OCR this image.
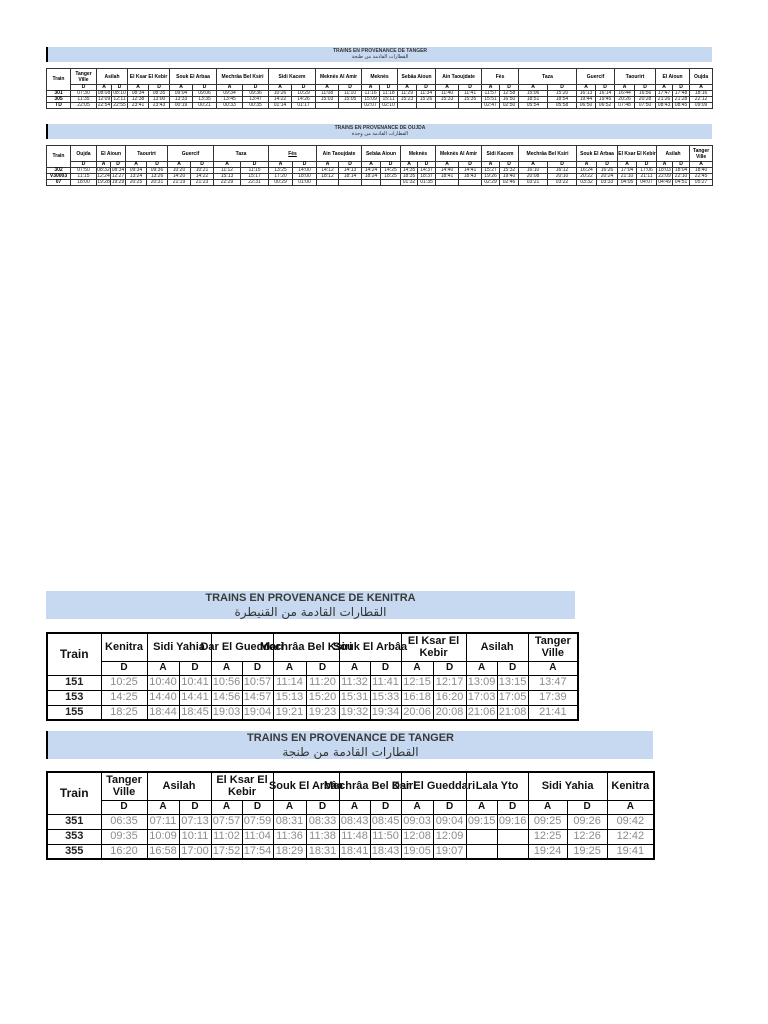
TRAINS EN PROVENANCE DE TANGER
القطارات القادمة من طنجة
Train	Tanger Ville	Asilah		El Ksar El Kebir		Souk El Arbaa		Mechrâa Bel Ksiri		Sidi Kacem		Meknès Al Amir		Meknès		Sebâa Aioun		Ain Taoujdate		Fès		Taza		Guercif		Taourirt		El Aioun		Oujda

	D	A	D	A	D	A	D	A	D	A	D	A	D	A	D	A	D	A	D	A	D	A	D	A	D	A	D	A	D	A
301	07:30	08:08	08:10	08:34	08:35	09:04	09:06	09:34	09:36	10:26	10:29	11:08	11:10	11:16	11:18	11:29	11:34	11:40	11:41	11:57	12:58	15:06	15:20	16:13	16:14	16:44	16:56	17:47	17:48	18:16
305	11:35	12:09	12:11	12:38	13:00	13:33	13:35	13:45	13:47	14:22	14:26	15:03	15:05	15:09	15:11	15:23	15:26	15:33	15:35	15:51	16:50	18:51	18:54	19:44	19:45	20:26	20:28	21:26	21:28	22:12
TD	22:05	22:54	22:55	23:41	23:43	00:19	00:21	00:33	00:35	01:14	01:17			02:07	02:10					02:47	02:50	05:54	05:58	06:50	06:52	07:48	07:50	08:43	08:45	09:09
TRAINS EN PROVENANCE DE OUJDA
القطارات القادمة من وجدة
Train	Oujda	El Aioun		Taourirt		Guercif		Taza		Fès		Ain Taoujdate		Sebâa Aioun		Meknès		Meknès Al Amir		Sidi Kacem		Mechrâa Bel Ksiri		Souk El Arbaa		El Ksar El Kebir		Asilah		Tanger Ville

	D	A	D	A	D	A	D	A	D	A	D	A	D	A	D	A	D	A	D	A	D	A	D	A	D	A	D	A	D	A
302	07:50	08:32	08:34	09:34	09:36	10:20	10:21	11:12	11:15	13:25	14:00	14:12	14:13	14:24	14:25	14:35	14:37	14:40	14:41	15:27	15:32	16:10	16:12	16:24	16:26	17:04	17:06	18:03	18:04	18:40
V30003	11:15	12:24	12:27	13:24	13:26	14:20	14:22	15:13	15:17	17:20	18:00	18:12	18:14	18:24	18:25	18:35	18:37	18:41	18:43	19:26	19:40	20:08	20:10	20:22	20:24	21:10	21:11	22:09	22:10	22:45
07	18:00	19:28	19:29	20:25	20:31	21:19	21:23	22:29	22:31	00:29	01:00					01:32	01:35			02:29	02:46	03:21	03:22	03:32	03:33	04:05	04:07	04:49	04:51	05:27
TRAINS EN PROVENANCE DE KENITRA
القطارات القادمة من القنيطرة
Train	Kenitra	Sidi Yahia		Dar El Gueddari		Mechrâa Bel Ksiri		Souk El Arbâa		El Ksar El Kebir		Asilah		Tanger Ville

	D	A	D	A	D	A	D	A	D	A	D	A	D	A
151	10:25	10:40	10:41	10:56	10:57	11:14	11:20	11:32	11:41	12:15	12:17	13:09	13:15	13:47
153	14:25	14:40	14:41	14:56	14:57	15:13	15:20	15:31	15:33	16:18	16:20	17:03	17:05	17:39
155	18:25	18:44	18:45	19:03	19:04	19:21	19:23	19:32	19:34	20:06	20:08	21:06	21:08	21:41
TRAINS EN PROVENANCE DE TANGER
القطارات القادمة من طنجة
Train	Tanger Ville	Asilah		El Ksar El Kebir		Souk El Arbâa		Mechrâa Bel Ksiri		Dar El Gueddari		Lala Yto		Sidi Yahia		Kenitra

	D	A	D	A	D	A	D	A	D	A	D	A	D	A	D	A
351	06:35	07:11	07:13	07:57	07:59	08:31	08:33	08:43	08:45	09:03	09:04	09:15	09:16	09:25	09:26	09:42
353	09:35	10:09	10:11	11:02	11:04	11:36	11:38	11:48	11:50	12:08	12:09			12:25	12:26	12:42
355	16:20	16:58	17:00	17:52	17:54	18:29	18:31	18:41	18:43	19:05	19:07			19:24	19:25	19:41
